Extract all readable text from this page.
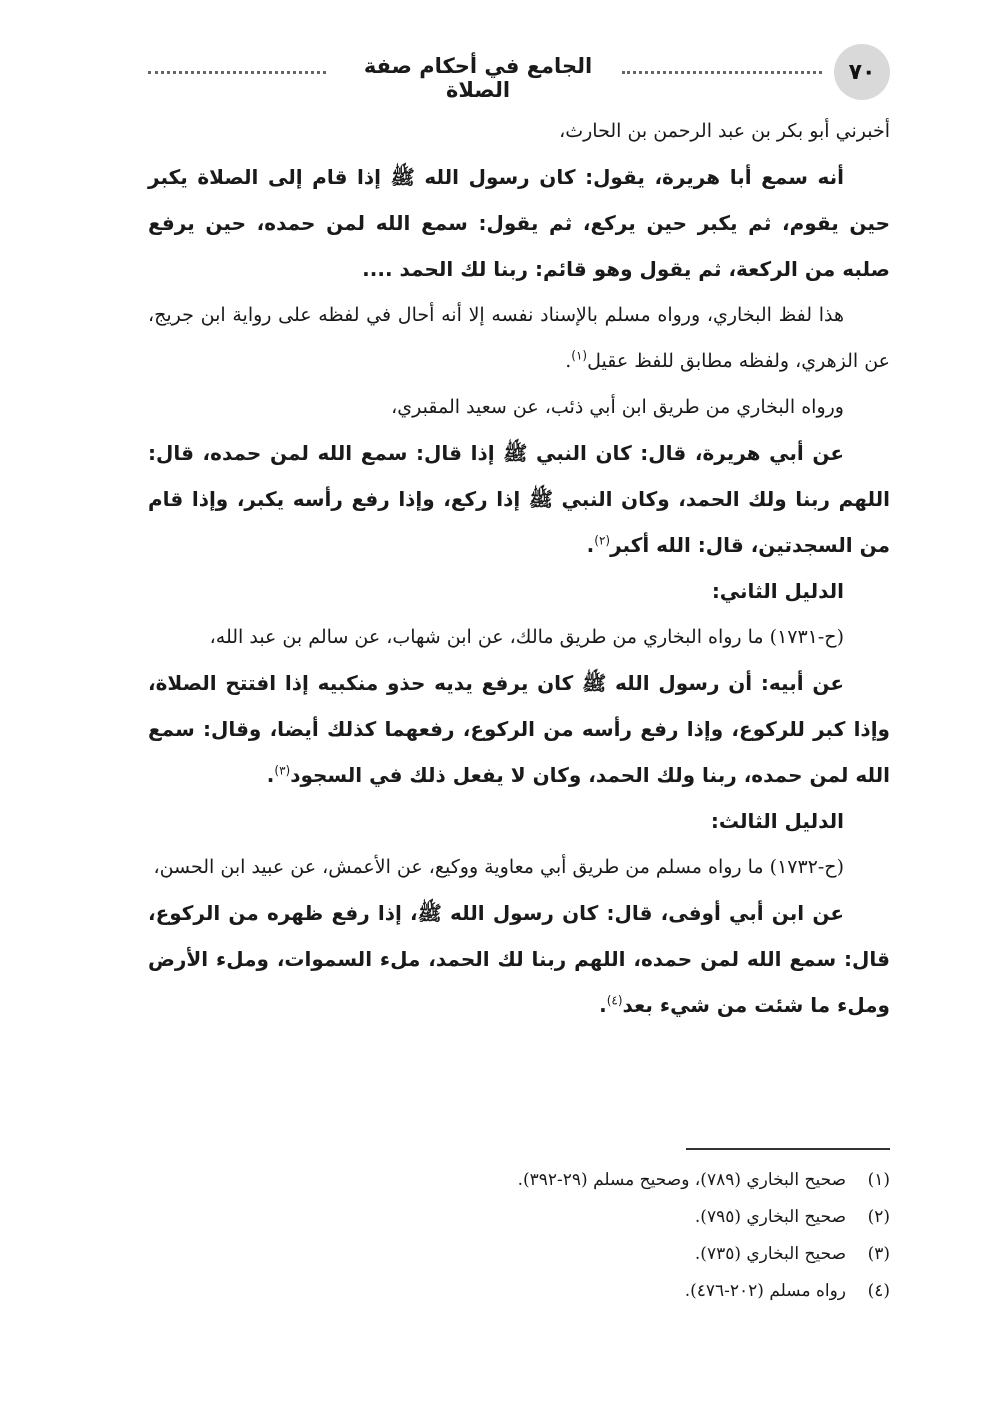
٧٠
الجامع في أحكام صفة الصلاة

أخبرني أبو بكر بن عبد الرحمن بن الحارث،

أنه سمع أبا هريرة، يقول: كان رسول الله ﷺ إذا قام إلى الصلاة يكبر حين يقوم، ثم يكبر حين يركع، ثم يقول: سمع الله لمن حمده، حين يرفع صلبه من الركعة، ثم يقول وهو قائم: ربنا لك الحمد ....

هذا لفظ البخاري، ورواه مسلم بالإسناد نفسه إلا أنه أحال في لفظه على رواية ابن جريج، عن الزهري، ولفظه مطابق للفظ عقيل$^{(١)}$.

ورواه البخاري من طريق ابن أبي ذئب، عن سعيد المقبري،

عن أبي هريرة، قال: كان النبي ﷺ إذا قال: سمع الله لمن حمده، قال: اللهم ربنا ولك الحمد، وكان النبي ﷺ إذا ركع، وإذا رفع رأسه يكبر، وإذا قام من السجدتين، قال: الله أكبر$^{(٢)}$.

الدليل الثاني:

(ح-١٧٣١) ما رواه البخاري من طريق مالك، عن ابن شهاب، عن سالم بن عبد الله،

عن أبيه: أن رسول الله ﷺ كان يرفع يديه حذو منكبيه إذا افتتح الصلاة، وإذا كبر للركوع، وإذا رفع رأسه من الركوع، رفعهما كذلك أيضا، وقال: سمع الله لمن حمده، ربنا ولك الحمد، وكان لا يفعل ذلك في السجود$^{(٣)}$.

الدليل الثالث:

(ح-١٧٣٢) ما رواه مسلم من طريق أبي معاوية ووكيع، عن الأعمش، عن عبيد ابن الحسن،

عن ابن أبي أوفى، قال: كان رسول الله ﷺ، إذا رفع ظهره من الركوع، قال: سمع الله لمن حمده، اللهم ربنا لك الحمد، ملء السموات، وملء الأرض وملء ما شئت من شيء بعد$^{(٤)}$.

(١)
صحيح البخاري (٧٨٩)، وصحيح مسلم (٢٩-٣٩٢).
(٢)
صحيح البخاري (٧٩٥).
(٣)
صحيح البخاري (٧٣٥).
(٤)
رواه مسلم (٢٠٢-٤٧٦).
